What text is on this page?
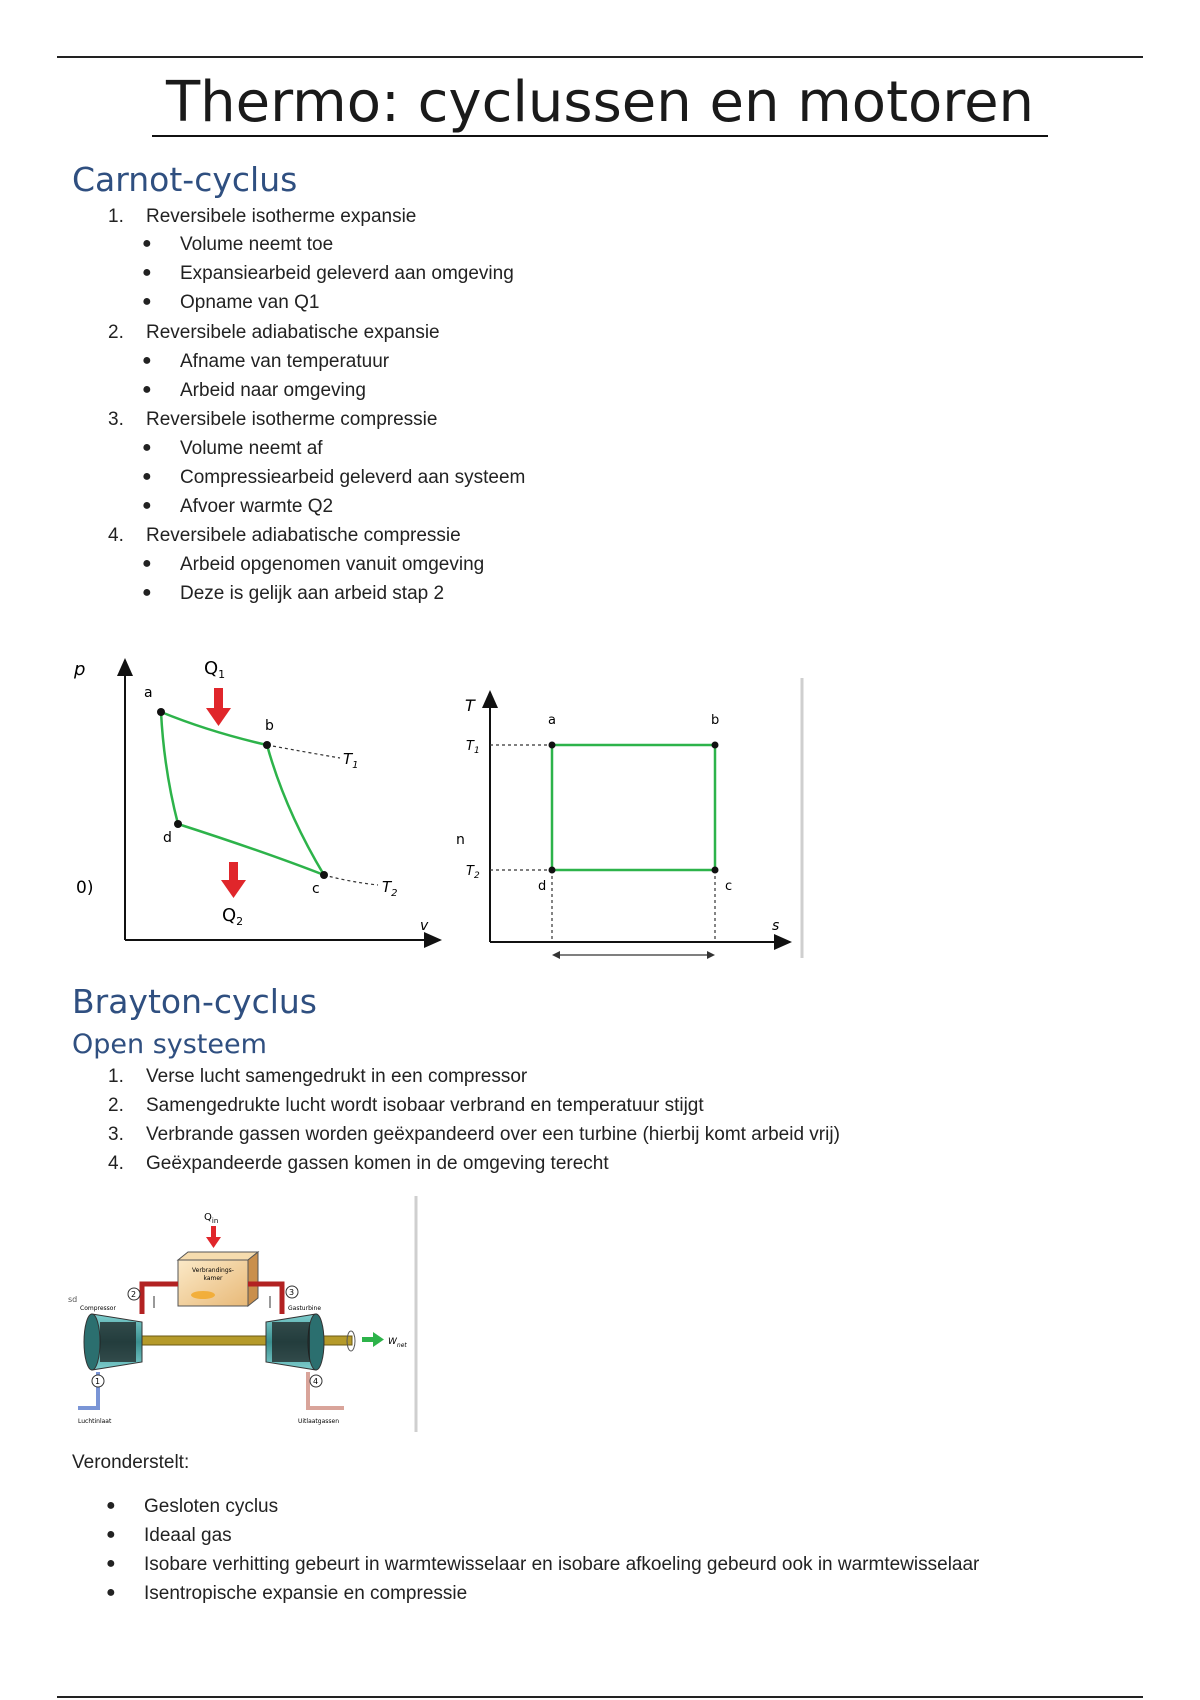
Thermo: cyclussen en motoren
Carnot-cyclus
1.	Reversibele isotherme expansie
● Volume neemt toe
● Expansiearbeid geleverd aan omgeving
● Opname van Q1
2.	Reversibele adiabatische expansie
● Afname van temperatuur
● Arbeid naar omgeving
3.	Reversibele isotherme compressie
● Volume neemt af
● Compressiearbeid geleverd aan systeem
● Afvoer warmte Q2
4.	Reversibele adiabatische compressie
● Arbeid opgenomen vanuit omgeving
● Deze is gelijk aan arbeid stap 2
p
v
0)
a
b
c
d
$T_1$
$T_2$
$Q_1$
$Q_2$
T
s
n
a	b
c
d
$T_1$
$T_2$
Brayton-cyclus
Open systeem
1.	Verse lucht samengedrukt in een compressor
2.	Samengedrukte lucht wordt isobaar verbrand en temperatuur stijgt
3.	Verbrande gassen worden geëxpandeerd over een turbine (hierbij komt arbeid vrij)
4.	Geëxpandeerde gassen komen in de omgeving terecht
sd
$Q_{in}$
Verbrandings-
kamer
Compressor	Gasturbine
Luchtinlaat	Uitlaatgassen
2	3
1	4
$W_{net}$
Veronderstelt:
● Gesloten cyclus
● Ideaal gas
● Isobare verhitting gebeurt in warmtewisselaar en isobare afkoeling gebeurd ook in warmtewisselaar
● Isentropische expansie en compressie
